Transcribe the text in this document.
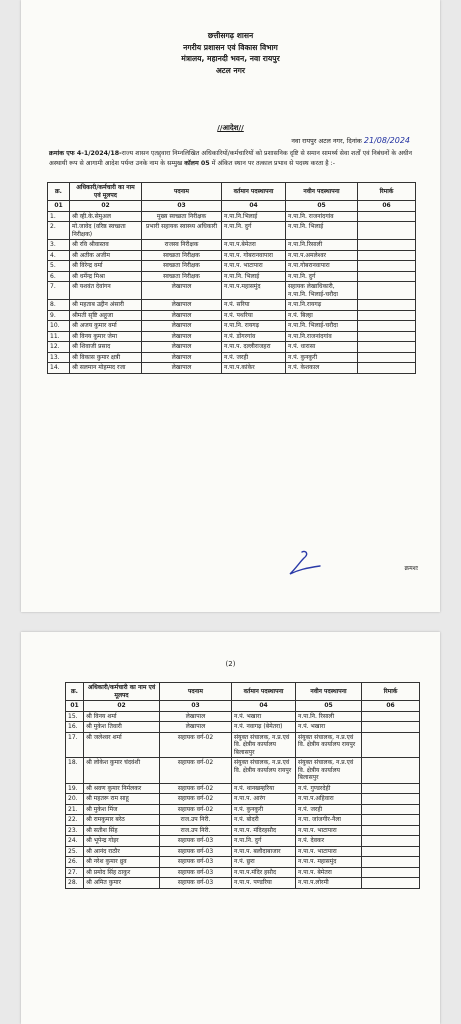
छत्तीसगढ़ शासन
नगरीय प्रशासन एवं विकास विभाग
मंत्रालय, महानदी भवन, नवा रायपुर
अटल नगर
//आदेश//
नवा रायपुर अटल नगर, दिनांक 21/08/2024
क्रमांक एफ 4-1/2024/18-राज्य शासन एतद्द्वारा निम्नलिखित अधिकारियों/कर्मचारियों को प्रशासनिक दृष्टि से समान सामर्थ्य सेवा शर्तों एवं निबंधनों के अधीन अस्थायी रूप से आगामी आदेश पर्यन्त उनके नाम के सम्मुख कॉलम 05 में अंकित स्थान पर तत्काल प्रभाव से पदस्थ करता है :-
क्र.	अधिकारी/कर्मचारी का नाम एवं मूलपद	पदनाम	वर्तमान पदस्थापना	नवीन पदस्थापना	रिमार्क
01	02	03	04	05	06
1.	श्री व्ही.के.सेमुअल	मुख्य स्वच्छता निरीक्षक	न.पा.नि.भिलाई	न.पा.नि. राजनांदगांव	
2.	मो.जावेद (वरिष्ठ स्वच्छता निरीक्षक)	प्रभारी सहायक स्वास्थ्य अधिकारी	न.पा.नि. दुर्ग	न.पा.नि. भिलाई	
3.	श्री रवि श्रीवास्तव	राजस्व निरीक्षक	न.पा.प.बेमेतरा	न.पा.नि.रिसाली	
4.	श्री अतीक अजीम	स्वच्छता निरीक्षक	न.पा.प. गोबरानवापारा	न.पा.प.अमलेश्वर	
5.	श्री विरेन्द्र वर्मा	स्वच्छता निरीक्षक	न.पा.प. भाटापारा	न.पा.गोबरानवापारा	
6.	श्री धर्मेन्द्र मिश्रा	स्वच्छता निरीक्षक	न.पा.नि. भिलाई	न.पा.नि. दुर्ग	
7.	श्री यशवंत देवांगन	लेखापाल	न.पा.प.महासमुंद	सहायक लेखाधिकारी, न.पा.नि. भिलाई-चरौदा	
8.	श्री महताब उद्दीन अंसारी	लेखापाल	न.पं. सरिया	न.पा.नि.रायगढ़	
9.	श्रीमती सृष्टि अहूजा	लेखापाल	न.पं. पथरिया	न.पं. बिल्हा	
10.	श्री अजय कुमार वर्मा	लेखापाल	न.पा.नि. रायगढ़	न.पा.नि. भिलाई-चरौदा	
11.	श्री विनय कुमार जेमा	लेखापाल	न.पं. डोंगरगांव	न.पा.नि.राजनांदगांव	
12.	श्री शिवाजी प्रसाद	लेखापाल	न.पा.प. दल्लीराजहरा	न.पं. धारासा	
13.	श्री विकास कुमार क्षत्री	लेखापाल	न.पं. जरही	न.पं. कुनकुरी	
14.	श्री सलमान मोहम्मद रजा	लेखापाल	न.पा.प.कांकेर	न.पं. केशकाल	
क्रमशः
(2)
क्र.	अधिकारी/कर्मचारी का नाम एवं मूलपद	पदनाम	वर्तमान पदस्थापना	नवीन पदस्थापना	रिमार्क
01	02	03	04	05	06
15.	श्री विनय शर्मा	लेखापाल	न.पं. भखारा	न.पा.नि. रिसाली	
16.	श्री मुकेश तिवारी	लेखापाल	न.पं. नवागढ़ (बेमेतरा)	न.पं. भखारा	
17.	श्री जलेश्वर शर्मा	सहायक वर्ग-02	संयुक्त संचालक, न.प्र.एवं वि. क्षेत्रीय कार्यालय बिलासपुर	संयुक्त संचालक, न.प्र.एवं वि. क्षेत्रीय कार्यालय रायपुर	
18.	श्री लोकेश कुमार चंदवंशी	सहायक वर्ग-02	संयुक्त संचालक, न.प्र.एवं वि. क्षेत्रीय कार्यालय रायपुर	संयुक्त संचालक, न.प्र.एवं वि. क्षेत्रीय कार्यालय बिलासपुर	
19.	श्री श्रवण कुमार निर्मलकर	सहायक वर्ग-02	न.पं. थानखम्हरिया	न.पं. गुण्डरदेही	
20.	श्री महतरू राम साहू	सहायक वर्ग-02	न.पा.प. आरंग	न.पा.प.अहिवारा	
21.	श्री मुकेश मिंज	सहायक वर्ग-02	न.पं. कुनकुरी	न.पं. जरही	
22.	श्री रामकुमार बरेठ	राज.उप निरी.	न.पं. बोदरी	न.पा. जांजगीर-नैला	
23.	श्री सतीश सिंह	राज.उप निरी.	न.पा.प. मंदिरहसौद	न.पा.प. भाटापारा	
24.	श्री भूपेन्द्र गोइर	सहायक वर्ग-03	न.पा.नि. दुर्ग	न.पं. देवकर	
25.	श्री आनंद राठौर	सहायक वर्ग-03	न.पा.प. बलौदाबाजार	न.पा.प. भाटापारा	
26.	श्री नरेश कुमार ध्रुव	सहायक वर्ग-03	न.पं. छुरा	न.पा.प. महासमुंद	
27.	श्री प्रमोद सिंह ठाकुर	सहायक वर्ग-03	न.पा.प.मंदिर हसौद	न.पा.प. बेमेतरा	
28.	श्री अमित कुमार	सहायक वर्ग-03	न.पा.प. पण्डरिया	न.पा.प.लोरमी	
